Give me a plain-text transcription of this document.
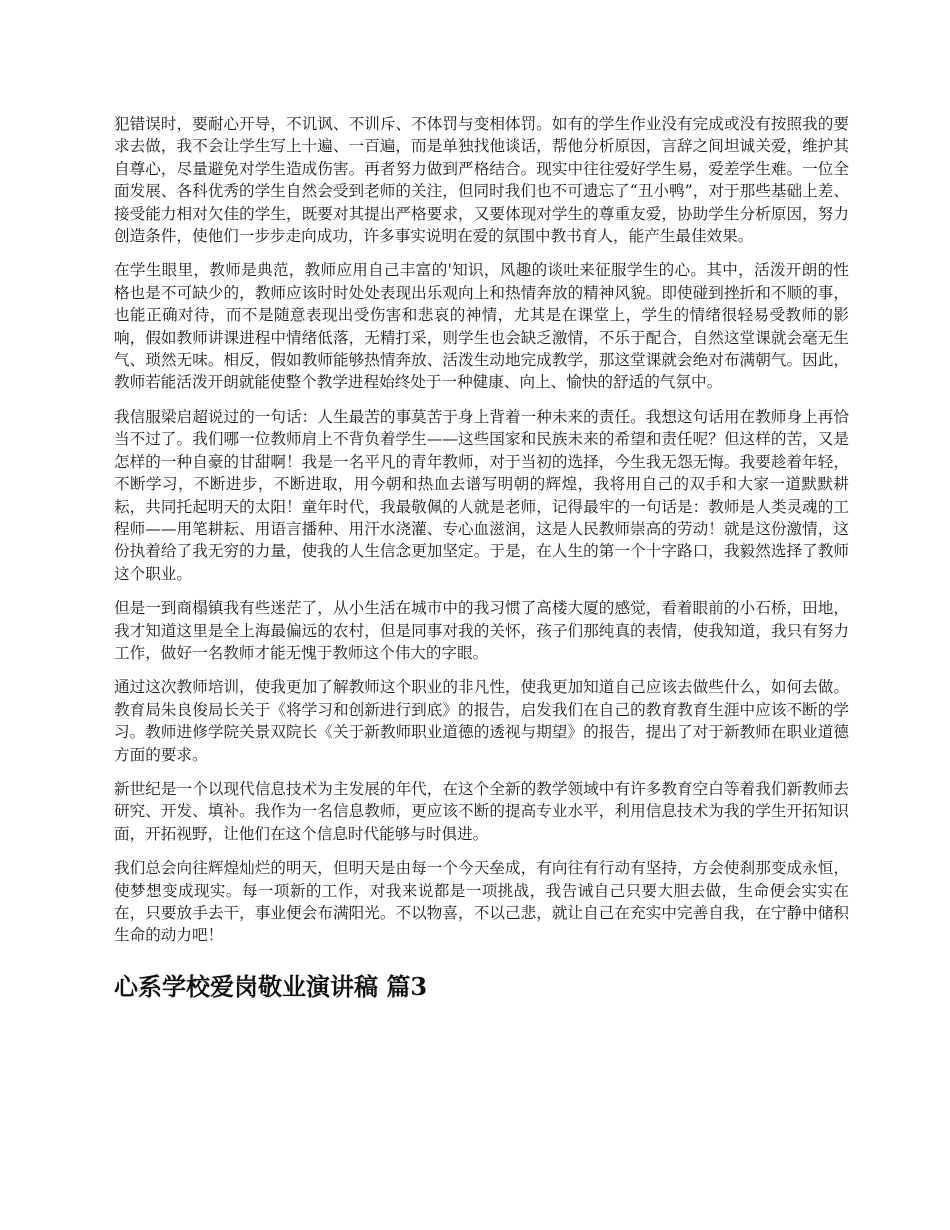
犯错误时，要耐心开导，不讥讽、不训斥、不体罚与变相体罚。如有的学生作业没有完成或没有按照我的要求去做，我不会让学生写上十遍、一百遍，而是单独找他谈话，帮他分析原因，言辞之间坦诚关爱，维护其自尊心，尽量避免对学生造成伤害。再者努力做到严格结合。现实中往往爱好学生易，爱差学生难。一位全面发展、各科优秀的学生自然会受到老师的关注，但同时我们也不可遗忘了“丑小鸭”，对于那些基础上差、接受能力相对欠佳的学生，既要对其提出严格要求，又要体现对学生的尊重友爱，协助学生分析原因，努力创造条件，使他们一步步走向成功，许多事实说明在爱的氛围中教书育人，能产生最佳效果。

在学生眼里，教师是典范，教师应用自己丰富的'知识，风趣的谈吐来征服学生的心。其中，活泼开朗的性格也是不可缺少的，教师应该时时处处表现出乐观向上和热情奔放的精神风貌。即使碰到挫折和不顺的事，也能正确对待，而不是随意表现出受伤害和悲哀的神情，尤其是在课堂上，学生的情绪很轻易受教师的影响，假如教师讲课进程中情绪低落，无精打采，则学生也会缺乏激情，不乐于配合，自然这堂课就会毫无生气、琐然无味。相反，假如教师能够热情奔放、活泼生动地完成教学，那这堂课就会绝对布满朝气。因此，教师若能活泼开朗就能使整个教学进程始终处于一种健康、向上、愉快的舒适的气氛中。

我信服梁启超说过的一句话：人生最苦的事莫苦于身上背着一种未来的责任。我想这句话用在教师身上再恰当不过了。我们哪一位教师肩上不背负着学生——这些国家和民族未来的希望和责任呢？但这样的苦，又是怎样的一种自豪的甘甜啊！我是一名平凡的青年教师，对于当初的选择，今生我无怨无悔。我要趁着年轻，不断学习，不断进步，不断进取，用今朝和热血去谱写明朝的辉煌，我将用自己的双手和大家一道默默耕耘，共同托起明天的太阳！童年时代，我最敬佩的人就是老师，记得最牢的一句话是：教师是人类灵魂的工程师——用笔耕耘、用语言播种、用汗水浇灌、专心血滋润，这是人民教师崇高的劳动！就是这份激情，这份执着给了我无穷的力量，使我的人生信念更加坚定。于是，在人生的第一个十字路口，我毅然选择了教师这个职业。

但是一到商榻镇我有些迷茫了，从小生活在城市中的我习惯了高楼大厦的感觉，看着眼前的小石桥，田地，我才知道这里是全上海最偏远的农村，但是同事对我的关怀，孩子们那纯真的表情，使我知道，我只有努力工作，做好一名教师才能无愧于教师这个伟大的字眼。

通过这次教师培训，使我更加了解教师这个职业的非凡性，使我更加知道自己应该去做些什么，如何去做。教育局朱良俊局长关于《将学习和创新进行到底》的报告，启发我们在自己的教育教育生涯中应该不断的学习。教师进修学院关景双院长《关于新教师职业道德的透视与期望》的报告，提出了对于新教师在职业道德方面的要求。

新世纪是一个以现代信息技术为主发展的年代，在这个全新的教学领域中有许多教育空白等着我们新教师去研究、开发、填补。我作为一名信息教师，更应该不断的提高专业水平，利用信息技术为我的学生开拓知识面，开拓视野，让他们在这个信息时代能够与时俱进。

我们总会向往辉煌灿烂的明天，但明天是由每一个今天垒成，有向往有行动有坚持，方会使刹那变成永恒，使梦想变成现实。每一项新的工作，对我来说都是一项挑战，我告诫自己只要大胆去做，生命便会实实在在，只要放手去干，事业便会布满阳光。不以物喜，不以己悲，就让自己在充实中完善自我，在宁静中储积生命的动力吧！

心系学校爱岗敬业演讲稿 篇3
